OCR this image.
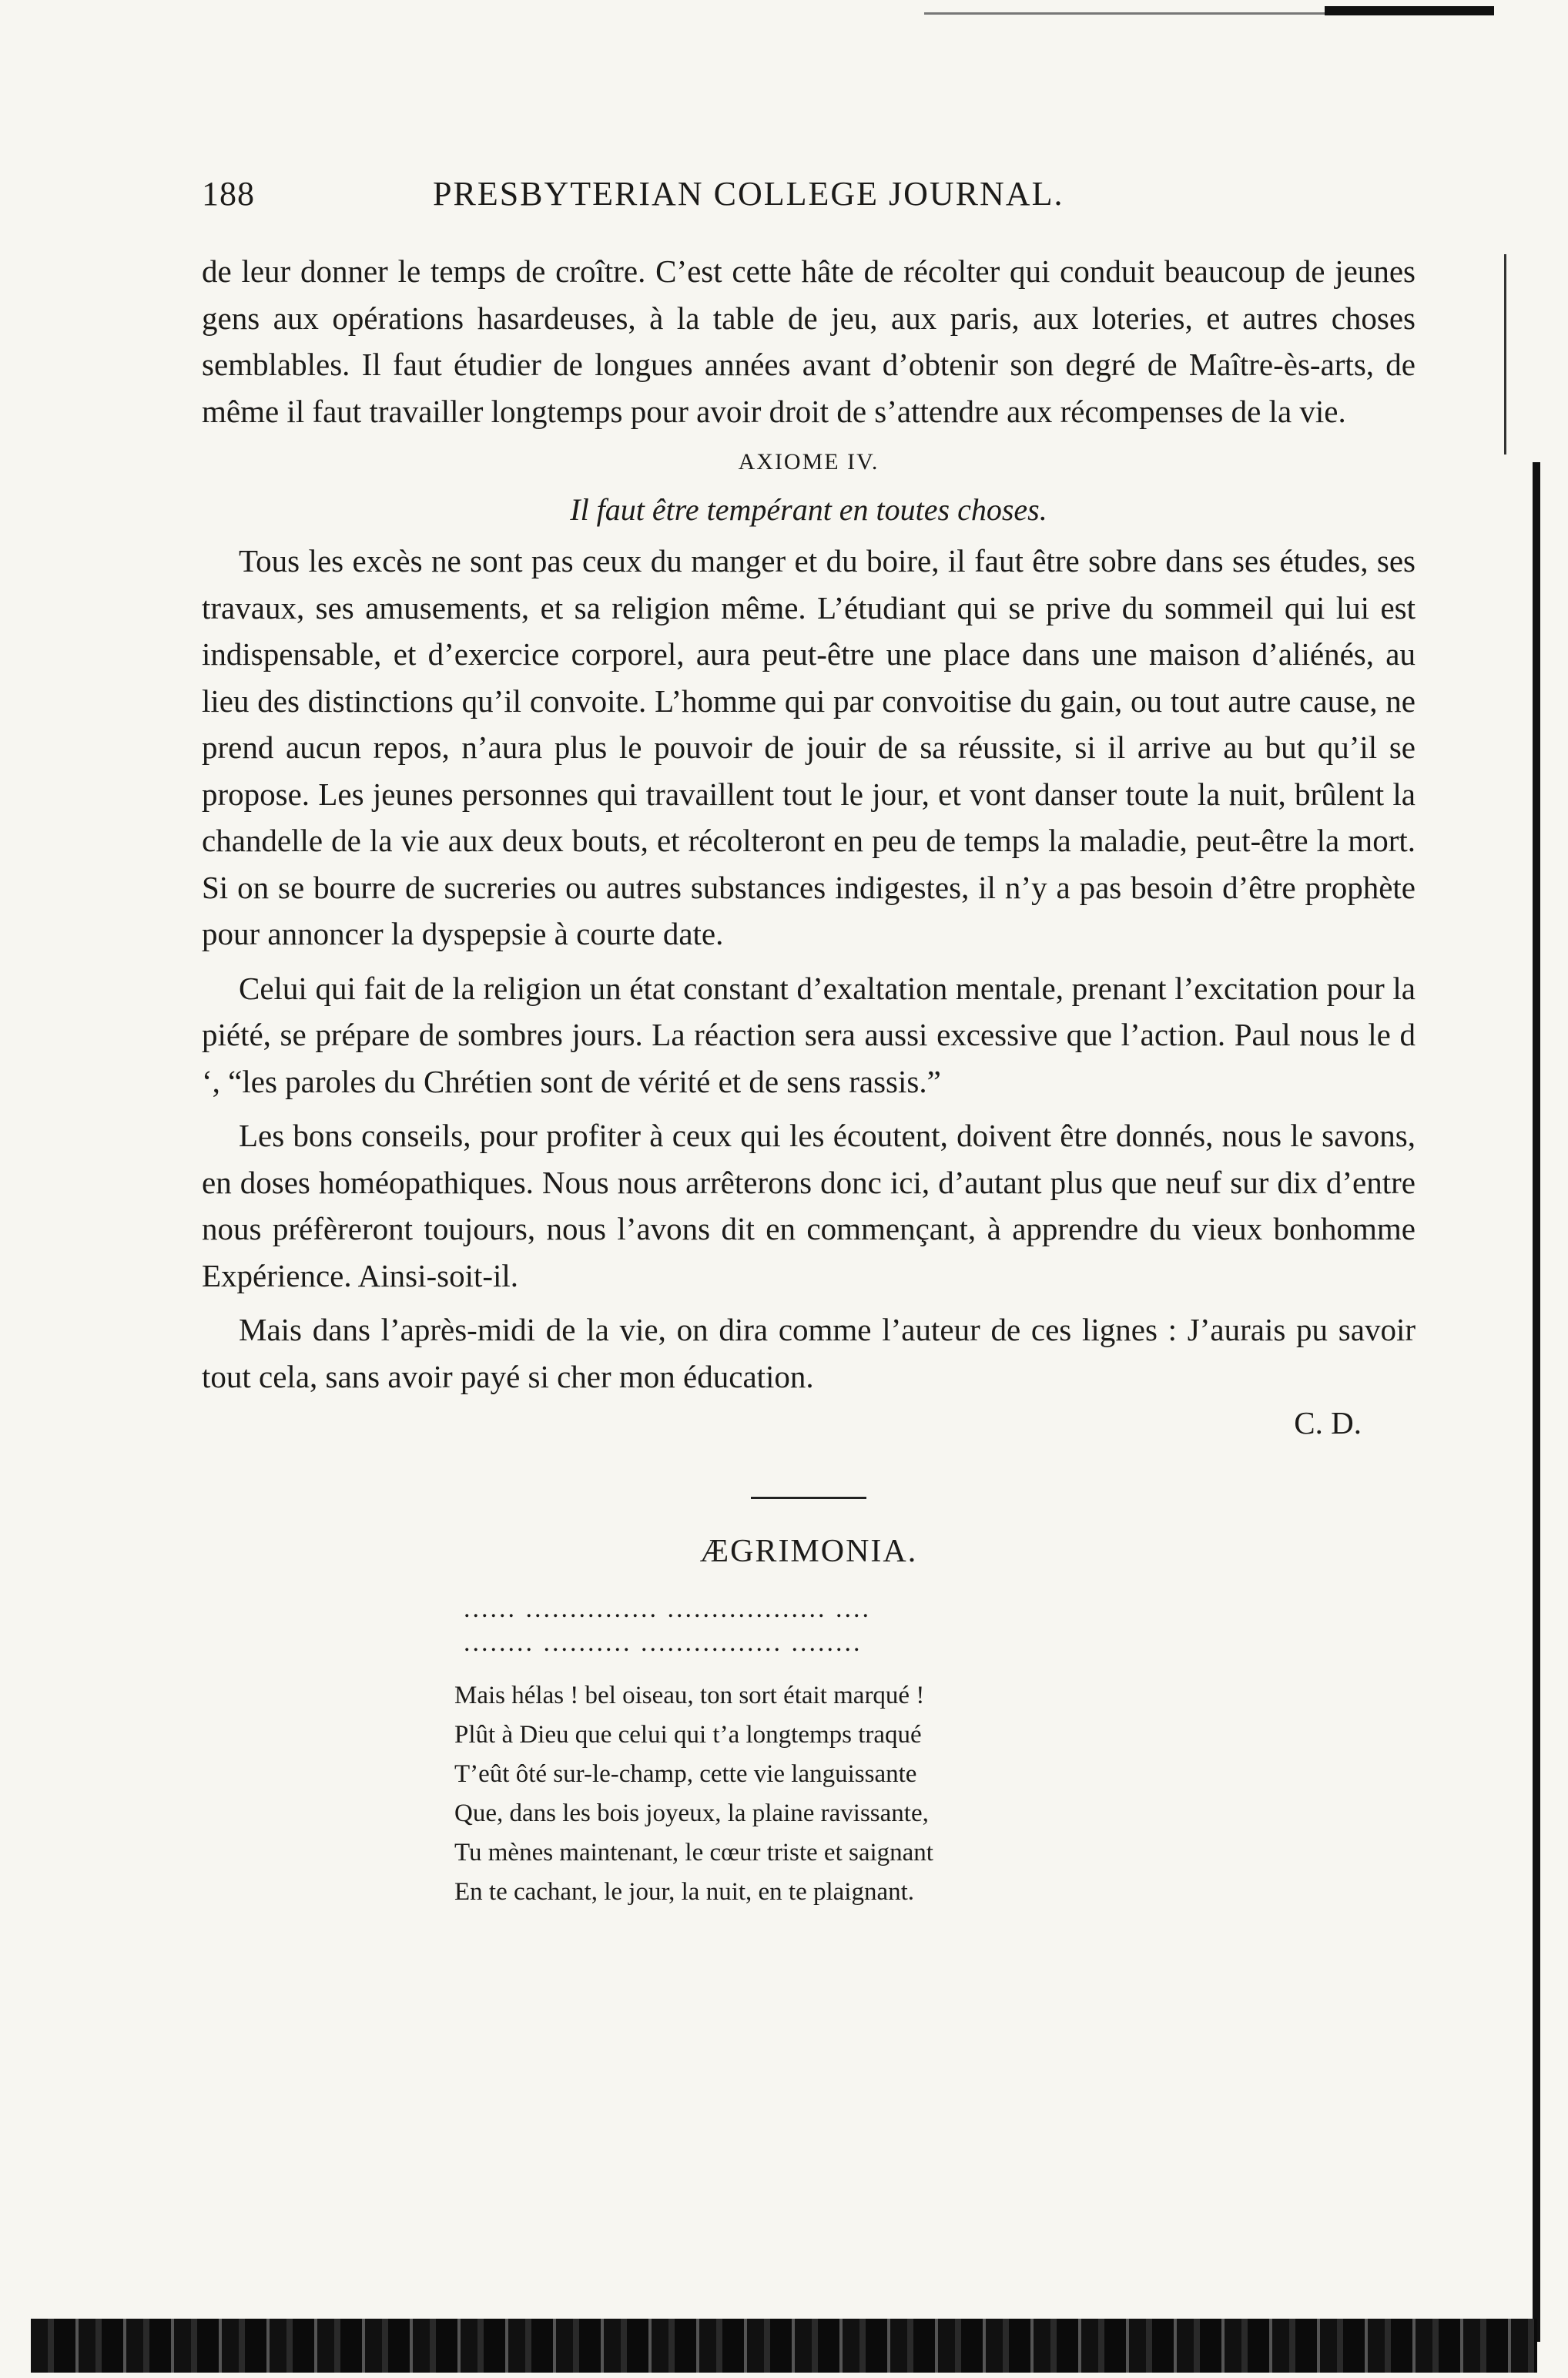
188	PRESBYTERIAN COLLEGE JOURNAL.

de leur donner le temps de croître. C’est cette hâte de récolter qui conduit beaucoup de jeunes gens aux opérations hasardeuses, à la table de jeu, aux paris, aux loteries, et autres choses semblables. Il faut étudier de longues années avant d’obtenir son degré de Maître-ès-arts, de même il faut travailler longtemps pour avoir droit de s’attendre aux récompenses de la vie.

AXIOME IV.
Il faut être tempérant en toutes choses.

Tous les excès ne sont pas ceux du manger et du boire, il faut être sobre dans ses études, ses travaux, ses amusements, et sa religion même. L’étudiant qui se prive du sommeil qui lui est indispensable, et d’exercice corporel, aura peut-être une place dans une maison d’aliénés, au lieu des distinctions qu’il convoite. L’homme qui par convoitise du gain, ou tout autre cause, ne prend aucun repos, n’aura plus le pouvoir de jouir de sa réussite, si il arrive au but qu’il se propose. Les jeunes personnes qui travaillent tout le jour, et vont danser toute la nuit, brûlent la chandelle de la vie aux deux bouts, et récolteront en peu de temps la maladie, peut-être la mort. Si on se bourre de sucreries ou autres substances indigestes, il n’y a pas besoin d’être prophète pour annoncer la dyspepsie à courte date.

Celui qui fait de la religion un état constant d’exaltation mentale, prenant l’excitation pour la piété, se prépare de sombres jours. La réaction sera aussi excessive que l’action. Paul nous le d ‘, “les paroles du Chrétien sont de vérité et de sens rassis.”

Les bons conseils, pour profiter à ceux qui les écoutent, doivent être donnés, nous le savons, en doses homéopathiques. Nous nous arrêterons donc ici, d’autant plus que neuf sur dix d’entre nous préfèreront toujours, nous l’avons dit en commençant, à apprendre du vieux bonhomme Expérience. Ainsi-soit-il.

Mais dans l’après-midi de la vie, on dira comme l’auteur de ces lignes : J’aurais pu savoir tout cela, sans avoir payé si cher mon éducation.

C. D.
ÆGRIMONIA.
...... ............... .................. ....
........ .......... ................ ........
Mais hélas ! bel oiseau, ton sort était marqué !
Plût à Dieu que celui qui t’a longtemps traqué
T’eût ôté sur-le-champ, cette vie languissante
Que, dans les bois joyeux, la plaine ravissante,
Tu mènes maintenant, le cœur triste et saignant
En te cachant, le jour, la nuit, en te plaignant.
